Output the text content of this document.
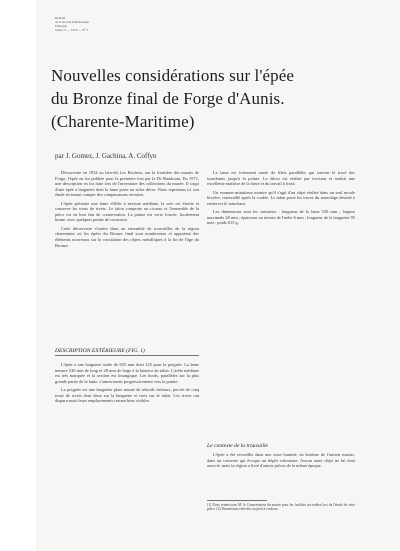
Bulletin
de la Société Préhistorique
Française
Tome 73 — 1976 — N° 5
Nouvelles considérations sur l'épée
du Bronze final de Forge d'Aunis.
(Charente-Maritime)
par J. Gomez, J. Gachina, A. Coffyn

Découverte en 1934 au lieu-dit Les Rochers, sur la frontière des marais de Forge, l'épée en fut publiée pour la première fois par le Dr Baudouin. En 1971, une description en fut faite lors de l'inventaire des collections du musée. Il s'agit d'une épée à languette dont la lame porte un riche décor. Nous reprenons ici son étude en tenant compte des comparaisons récentes.

L'épée présente une lame effilée à nervure médiane, la soie est étroite et conserve les trous de rivets. Le talon comporte un ricasso et l'ensemble de la pièce est en bon état de conservation. La patine est verte foncée, localement brune, avec quelques points de corrosion.

Cette découverte s'insère dans un ensemble de trouvailles de la région charentaise où les épées du Bronze final sont nombreuses et apportent des éléments nouveaux sur la circulation des objets métalliques à la fin de l'âge du Bronze.

DESCRIPTION EXTÉRIEURE (FIG. 1)

L'épée a une longueur totale de 655 mm dont 125 pour la poignée. La lame mesure 530 mm de long et 28 mm de large à la hauteur du talon. L'arête médiane est très marquée et la section est losangique. Les bords, parallèles sur la plus grande partie de la lame, s'amincissent progressivement vers la pointe.

La poignée est une languette plate munie de rebords latéraux, percée de cinq trous de rivets dont deux sur la languette et trois sur le talon. Les rivets ont disparu mais leurs emplacements restent bien visibles.

La lame est fortement ornée de filets parallèles qui suivent le tracé des tranchants jusqu'à la pointe. Le décor est réalisé par incision et traduit une excellente maîtrise de la fonte et du travail à froid.

Un examen minutieux montre qu'il s'agit d'un objet réalisé dans un seul moule bivalve, retravaillé après la coulée. Le talon porte les traces du martelage destiné à renforcer le tranchant.

Les dimensions sont les suivantes : longueur de la lame 530 mm ; largeur maximale 28 mm ; épaisseur au niveau de l'arête 6 mm ; longueur de la languette 95 mm ; poids 615 g.

Le contexte de la trouvaille

L'épée a été recueillie dans une zone humide, en bordure de l'ancien marais, dans un contexte qui évoque un dépôt volontaire. Aucun autre objet ne lui était associé, mais la région a livré d'autres pièces de la même époque.

(1) Nous remercions M. le Conservateur du musée pour les facilités accordées lors de l'étude de cette pièce. (2) Dimensions relevées au pied à coulisse.
